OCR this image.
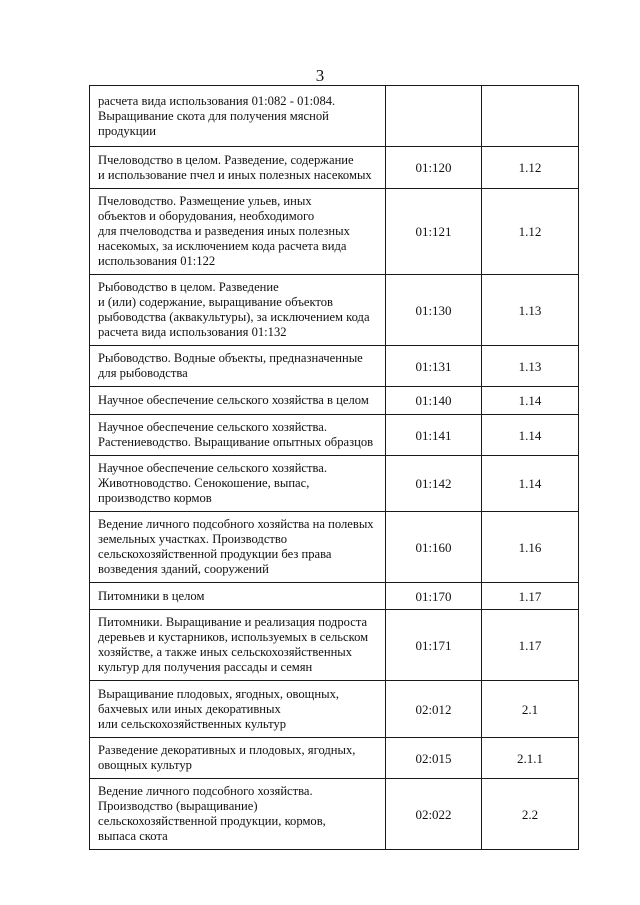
3
расчета вида использования 01:082 - 01:084.
Выращивание скота для получения мясной
продукции		

Пчеловодство в целом. Разведение, содержание
и использование пчел и иных полезных насекомых	01:120	1.12

Пчеловодство. Размещение ульев, иных
объектов и оборудования, необходимого
для пчеловодства и разведения иных полезных
насекомых, за исключением кода расчета вида
использования 01:122	01:121	1.12

Рыбоводство в целом. Разведение
и (или) содержание, выращивание объектов
рыбоводства (аквакультуры), за исключением кода
расчета вида использования 01:132	01:130	1.13

Рыбоводство. Водные объекты, предназначенные
для рыбоводства	01:131	1.13

Научное обеспечение сельского хозяйства в целом	01:140	1.14

Научное обеспечение сельского хозяйства.
Растениеводство. Выращивание опытных образцов	01:141	1.14

Научное обеспечение сельского хозяйства.
Животноводство. Сенокошение, выпас,
производство кормов	01:142	1.14

Ведение личного подсобного хозяйства на полевых
земельных участках. Производство
сельскохозяйственной продукции без права
возведения зданий, сооружений	01:160	1.16

Питомники в целом	01:170	1.17

Питомники. Выращивание и реализация подроста
деревьев и кустарников, используемых в сельском
хозяйстве, а также иных сельскохозяйственных
культур для получения рассады и семян	01:171	1.17

Выращивание плодовых, ягодных, овощных,
бахчевых или иных декоративных
или сельскохозяйственных культур	02:012	2.1

Разведение декоративных и плодовых, ягодных,
овощных культур	02:015	2.1.1

Ведение личного подсобного хозяйства.
Производство (выращивание)
сельскохозяйственной продукции, кормов,
выпаса скота	02:022	2.2
